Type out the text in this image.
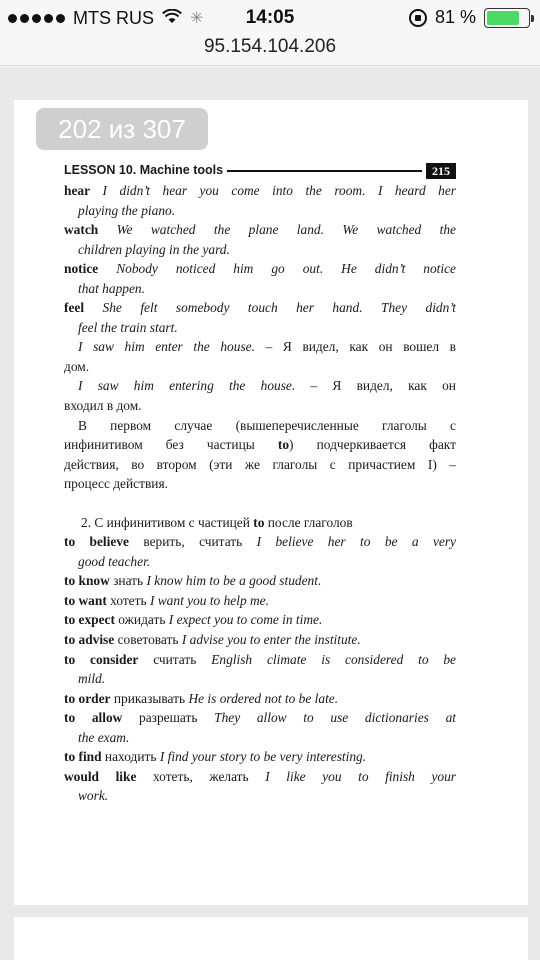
MTS RUS ✳	14:05	81 %
95.154.104.206
202 из 307
LESSON 10. Machine tools	215
hear I didn’t hear you come into the room. I heard her
playing the piano.
watch We watched the plane land. We watched the
children playing in the yard.
notice Nobody noticed him go out. He didn’t notice
that happen.
feel She felt somebody touch her hand. They didn’t
feel the train start.
I saw him enter the house. – Я видел, как он вошел в
дом.
I saw him entering the house. – Я видел, как он
входил в дом.
В первом случае (вышеперечисленные глаголы с
инфинитивом без частицы to) подчеркивается факт
действия, во втором (эти же глаголы с причастием I) –
процесс действия.
2. С инфинитивом с частицей to после глаголов
to believe верить, считать I believe her to be a very
good teacher.
to know знать I know him to be a good student.
to want хотеть I want you to help me.
to expect ожидать I expect you to come in time.
to advise советовать I advise you to enter the institute.
to consider считать English climate is considered to be
mild.
to order приказывать He is ordered not to be late.
to allow разрешать They allow to use dictionaries at
the exam.
to find находить I find your story to be very interesting.
would like хотеть, желать I like you to finish your
work.
